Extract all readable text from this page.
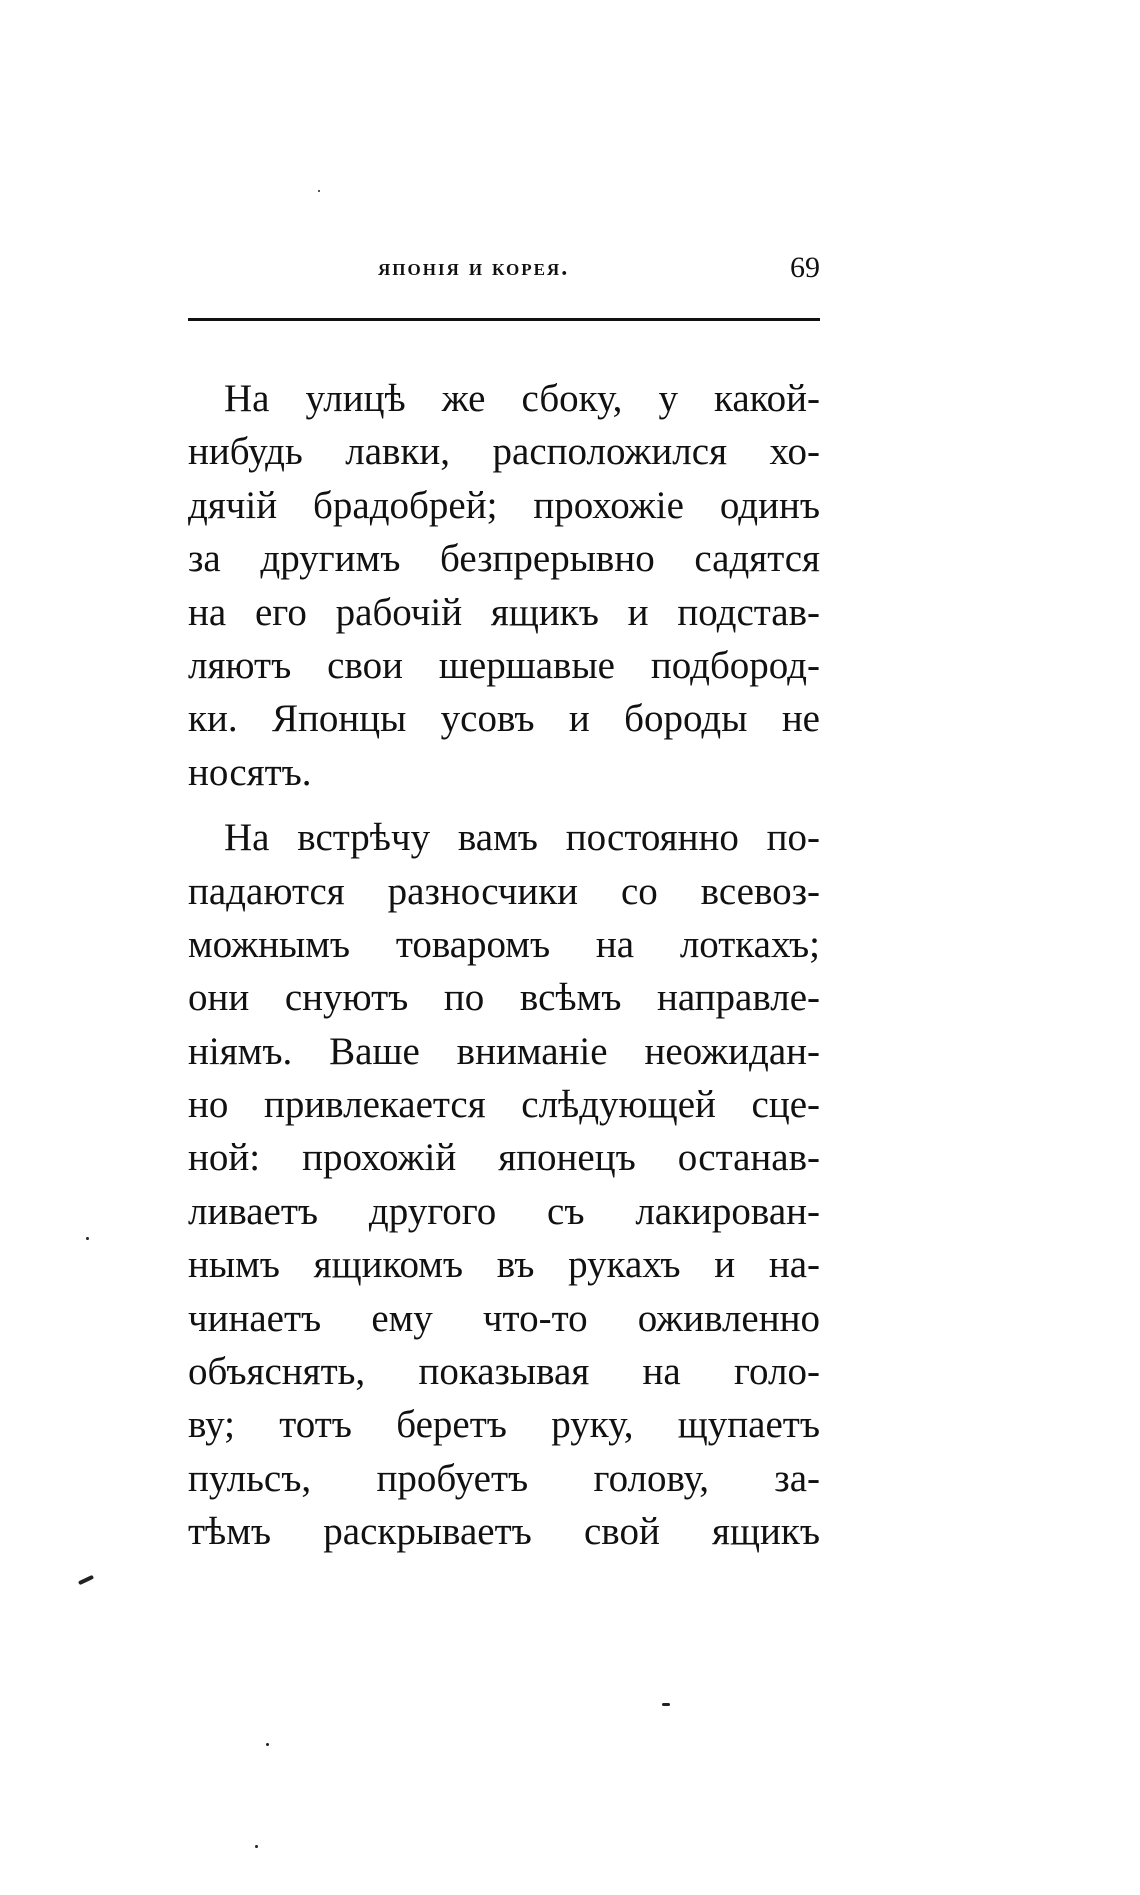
японія и корея.	69
На улицѣ же сбоку, у какой-
нибудь лавки, расположился хо-
дячій брадобрей; прохожіе одинъ
за другимъ безпрерывно садятся
на его рабочій ящикъ и подстав-
ляютъ свои шершавые подбород-
ки. Японцы усовъ и бороды не
носятъ.
На встрѣчу вамъ постоянно по-
падаются разносчики со всевоз-
можнымъ товаромъ на лоткахъ;
они снуютъ по всѣмъ направле-
ніямъ. Ваше вниманіе неожидан-
но привлекается слѣдующей сце-
ной: прохожій японецъ останав-
ливаетъ другого съ лакирован-
нымъ ящикомъ въ рукахъ и на-
чинаетъ ему что-то оживленно
объяснять, показывая на голо-
ву; тотъ беретъ руку, щупаетъ
пульсъ, пробуетъ голову, за-
тѣмъ раскрываетъ свой ящикъ
